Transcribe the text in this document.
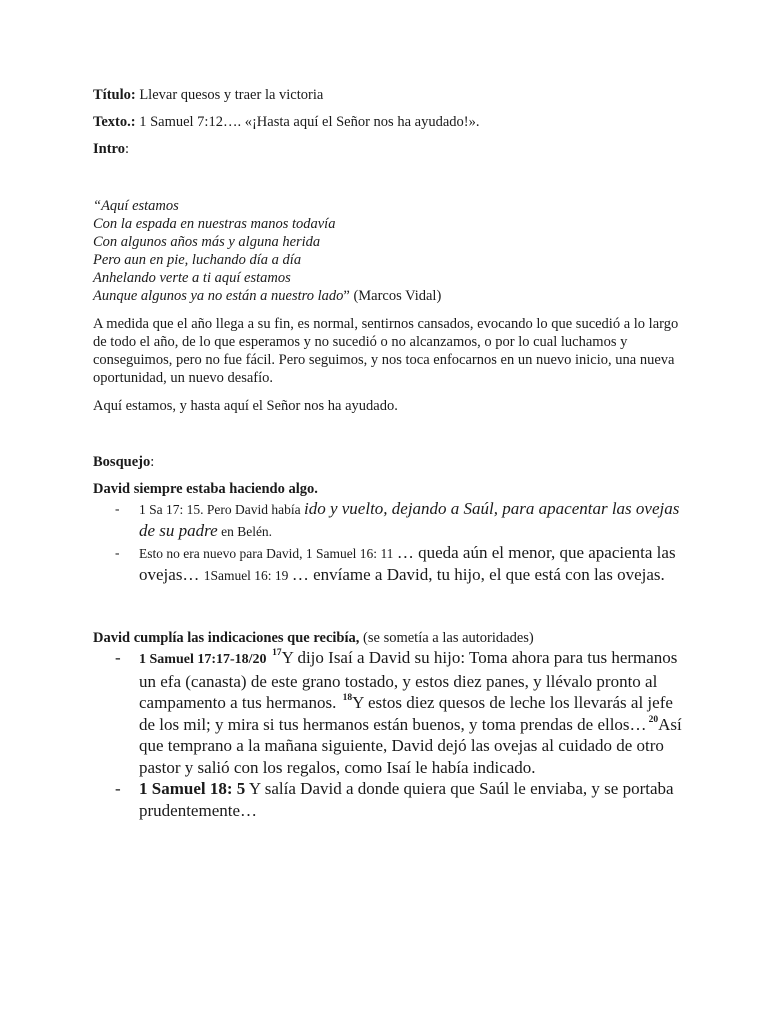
Título: Llevar quesos y traer la victoria

Texto.: 1 Samuel 7:12…. «¡Hasta aquí el Señor nos ha ayudado!».

Intro:

“Aquí estamos
Con la espada en nuestras manos todavía
Con algunos años más y alguna herida
Pero aun en pie, luchando día a día
Anhelando verte a ti aquí estamos
Aunque algunos ya no están a nuestro lado” (Marcos Vidal)

A medida que el año llega a su fin, es normal, sentirnos cansados, evocando lo que sucedió a lo largo de todo el año, de lo que esperamos y no sucedió o no alcanzamos, o por lo cual luchamos y conseguimos, pero no fue fácil. Pero seguimos, y nos toca enfocarnos en un nuevo inicio, una nueva oportunidad, un nuevo desafío.

Aquí estamos, y hasta aquí el Señor nos ha ayudado.

Bosquejo:

David siempre estaba haciendo algo.

- 1 Sa 17: 15. Pero David había ido y vuelto, dejando a Saúl, para apacentar las ovejas de su padre en Belén.
- Esto no era nuevo para David, 1 Samuel 16: 11 … queda aún el menor, que apacienta las ovejas… 1Samuel 16: 19 … envíame a David, tu hijo, el que está con las ovejas.

David cumplía las indicaciones que recibía, (se sometía a las autoridades)

- 1 Samuel 17:17-18/20 $^{17}$Y dijo Isaí a David su hijo: Toma ahora para tus hermanos un efa (canasta) de este grano tostado, y estos diez panes, y llévalo pronto al campamento a tus hermanos. $^{18}$Y estos diez quesos de leche los llevarás al jefe de los mil; y mira si tus hermanos están buenos, y toma prendas de ellos… $^{20}$Así que temprano a la mañana siguiente, David dejó las ovejas al cuidado de otro pastor y salió con los regalos, como Isaí le había indicado.
- 1 Samuel 18: 5 Y salía David a donde quiera que Saúl le enviaba, y se portaba prudentemente…
